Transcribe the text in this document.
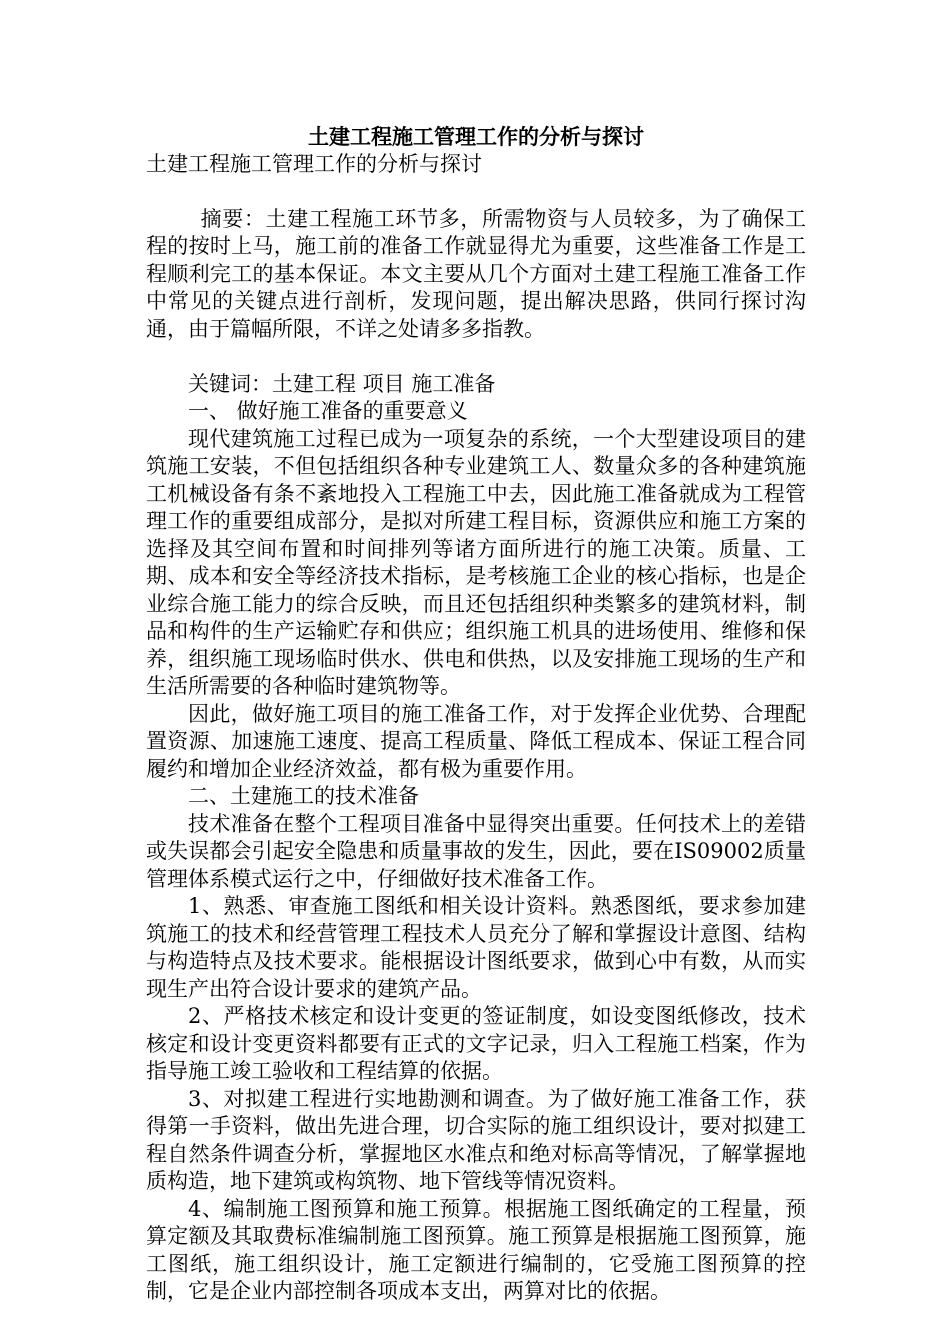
土建工程施工管理工作的分析与探讨

土建工程施工管理工作的分析与探讨

摘要：土建工程施工环节多，所需物资与人员较多，为了确保工程的按时上马，施工前的准备工作就显得尤为重要，这些准备工作是工程顺利完工的基本保证。本文主要从几个方面对土建工程施工准备工作中常见的关键点进行剖析，发现问题，提出解决思路，供同行探讨沟通，由于篇幅所限，不详之处请多多指教。

关键词：土建工程 项目 施工准备

一、 做好施工准备的重要意义

现代建筑施工过程已成为一项复杂的系统，一个大型建设项目的建筑施工安装，不但包括组织各种专业建筑工人、数量众多的各种建筑施工机械设备有条不紊地投入工程施工中去，因此施工准备就成为工程管理工作的重要组成部分，是拟对所建工程目标，资源供应和施工方案的选择及其空间布置和时间排列等诸方面所进行的施工决策。质量、工期、成本和安全等经济技术指标，是考核施工企业的核心指标，也是企业综合施工能力的综合反映，而且还包括组织种类繁多的建筑材料，制品和构件的生产运输贮存和供应；组织施工机具的进场使用、维修和保养，组织施工现场临时供水、供电和供热，以及安排施工现场的生产和生活所需要的各种临时建筑物等。

因此，做好施工项目的施工准备工作，对于发挥企业优势、合理配置资源、加速施工速度、提高工程质量、降低工程成本、保证工程合同履约和增加企业经济效益，都有极为重要作用。

二、土建施工的技术准备

技术准备在整个工程项目准备中显得突出重要。任何技术上的差错或失误都会引起安全隐患和质量事故的发生，因此，要在IS09002质量管理体系模式运行之中，仔细做好技术准备工作。

1、熟悉、审查施工图纸和相关设计资料。熟悉图纸，要求参加建筑施工的技术和经营管理工程技术人员充分了解和掌握设计意图、结构与构造特点及技术要求。能根据设计图纸要求，做到心中有数，从而实现生产出符合设计要求的建筑产品。

2、严格技术核定和设计变更的签证制度，如设变图纸修改，技术核定和设计变更资料都要有正式的文字记录，归入工程施工档案，作为指导施工竣工验收和工程结算的依据。

3、对拟建工程进行实地勘测和调查。为了做好施工准备工作，获得第一手资料，做出先进合理，切合实际的施工组织设计，要对拟建工程自然条件调查分析，掌握地区水准点和绝对标高等情况，了解掌握地质构造，地下建筑或构筑物、地下管线等情况资料。

4、编制施工图预算和施工预算。根据施工图纸确定的工程量，预算定额及其取费标准编制施工图预算。施工预算是根据施工图预算，施工图纸，施工组织设计，施工定额进行编制的，它受施工图预算的控制，它是企业内部控制各项成本支出，两算对比的依据。
